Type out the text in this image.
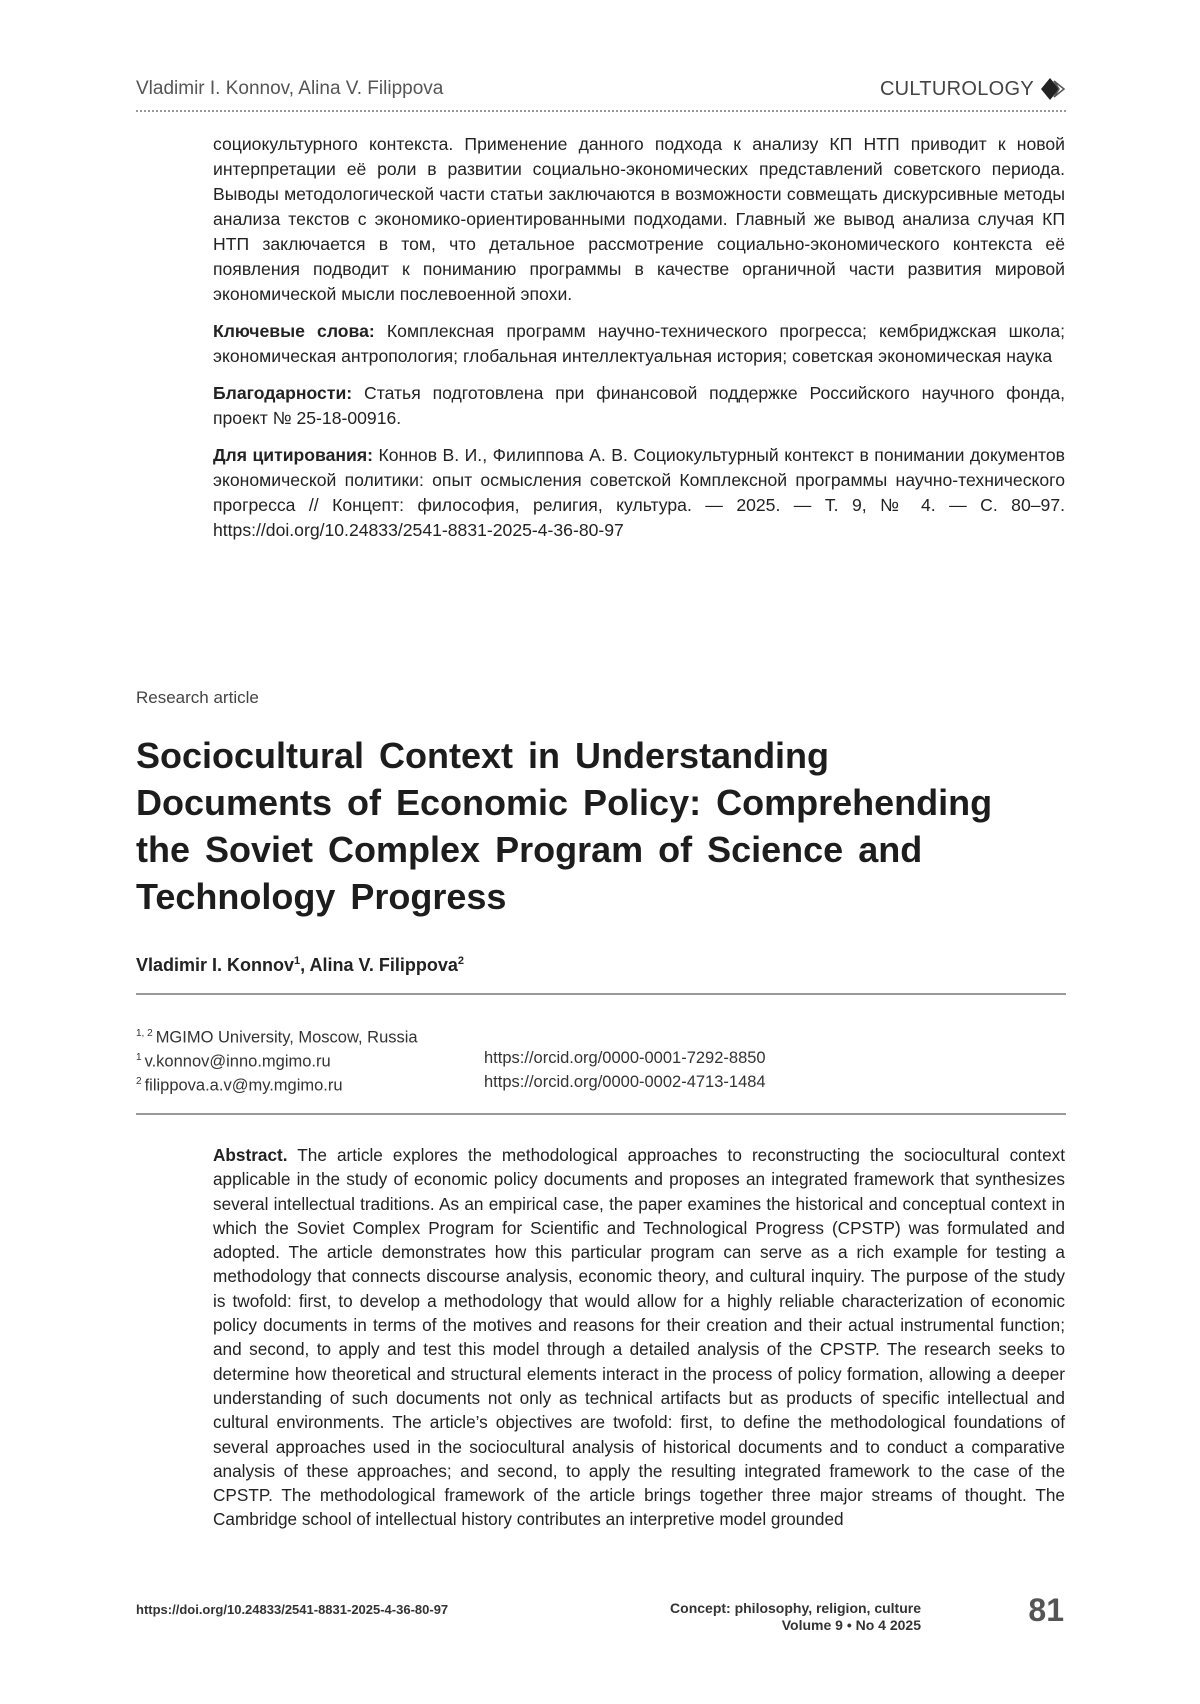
Vladimir I. Konnov, Alina V. Filippova	CULTUROLOGY

социокультурного контекста. Применение данного подхода к анализу КП НТП приводит к новой интерпретации её роли в развитии социально-экономических представлений советского периода. Выводы методологической части статьи заключаются в возможности совмещать дискурсивные методы анализа текстов с экономико-ориентированными подходами. Главный же вывод анализа случая КП НТП заключается в том, что детальное рассмотрение социально-экономического контекста её появления подводит к пониманию программы в качестве органичной части развития мировой экономической мысли послевоенной эпохи.

Ключевые слова: Комплексная программ научно-технического прогресса; кембриджская школа; экономическая антропология; глобальная интеллектуальная история; советская экономическая наука

Благодарности: Статья подготовлена при финансовой поддержке Российского научного фонда, проект № 25-18-00916.

Для цитирования: Коннов В. И., Филиппова А. В. Социокультурный контекст в понимании документов экономической политики: опыт осмысления советской Комплексной программы научно-технического прогресса // Концепт: философия, религия, культура. — 2025. — Т. 9, № 4. — С. 80–97. https://doi.org/10.24833/2541-8831-2025-4-36-80-97

Research article
Sociocultural Context in Understanding Documents of Economic Policy: Comprehending the Soviet Complex Program of Science and Technology Progress
Vladimir I. Konnov$^1$, Alina V. Filippova$^2$
$^{1, 2}$ MGIMO University, Moscow, Russia
$^1$ v.konnov@inno.mgimo.ru	https://orcid.org/0000-0001-7292-8850
$^2$ filippova.a.v@my.mgimo.ru	https://orcid.org/0000-0002-4713-1484

Abstract. The article explores the methodological approaches to reconstructing the sociocultural context applicable in the study of economic policy documents and proposes an integrated framework that synthesizes several intellectual traditions. As an empirical case, the paper examines the historical and conceptual context in which the Soviet Complex Program for Scientific and Technological Progress (CPSTP) was formulated and adopted. The article demonstrates how this particular program can serve as a rich example for testing a methodology that connects discourse analysis, economic theory, and cultural inquiry. The purpose of the study is twofold: first, to develop a methodology that would allow for a highly reliable characterization of economic policy documents in terms of the motives and reasons for their creation and their actual instrumental function; and second, to apply and test this model through a detailed analysis of the CPSTP. The research seeks to determine how theoretical and structural elements interact in the process of policy formation, allowing a deeper understanding of such documents not only as technical artifacts but as products of specific intellectual and cultural environments. The article’s objectives are twofold: first, to define the methodological foundations of several approaches used in the sociocultural analysis of historical documents and to conduct a comparative analysis of these approaches; and second, to apply the resulting integrated framework to the case of the CPSTP. The methodological framework of the article brings together three major streams of thought. The Cambridge school of intellectual history contributes an interpretive model grounded

https://doi.org/10.24833/2541-8831-2025-4-36-80-97	Concept: philosophy, religion, culture
Volume 9 • No 4 2025	81
